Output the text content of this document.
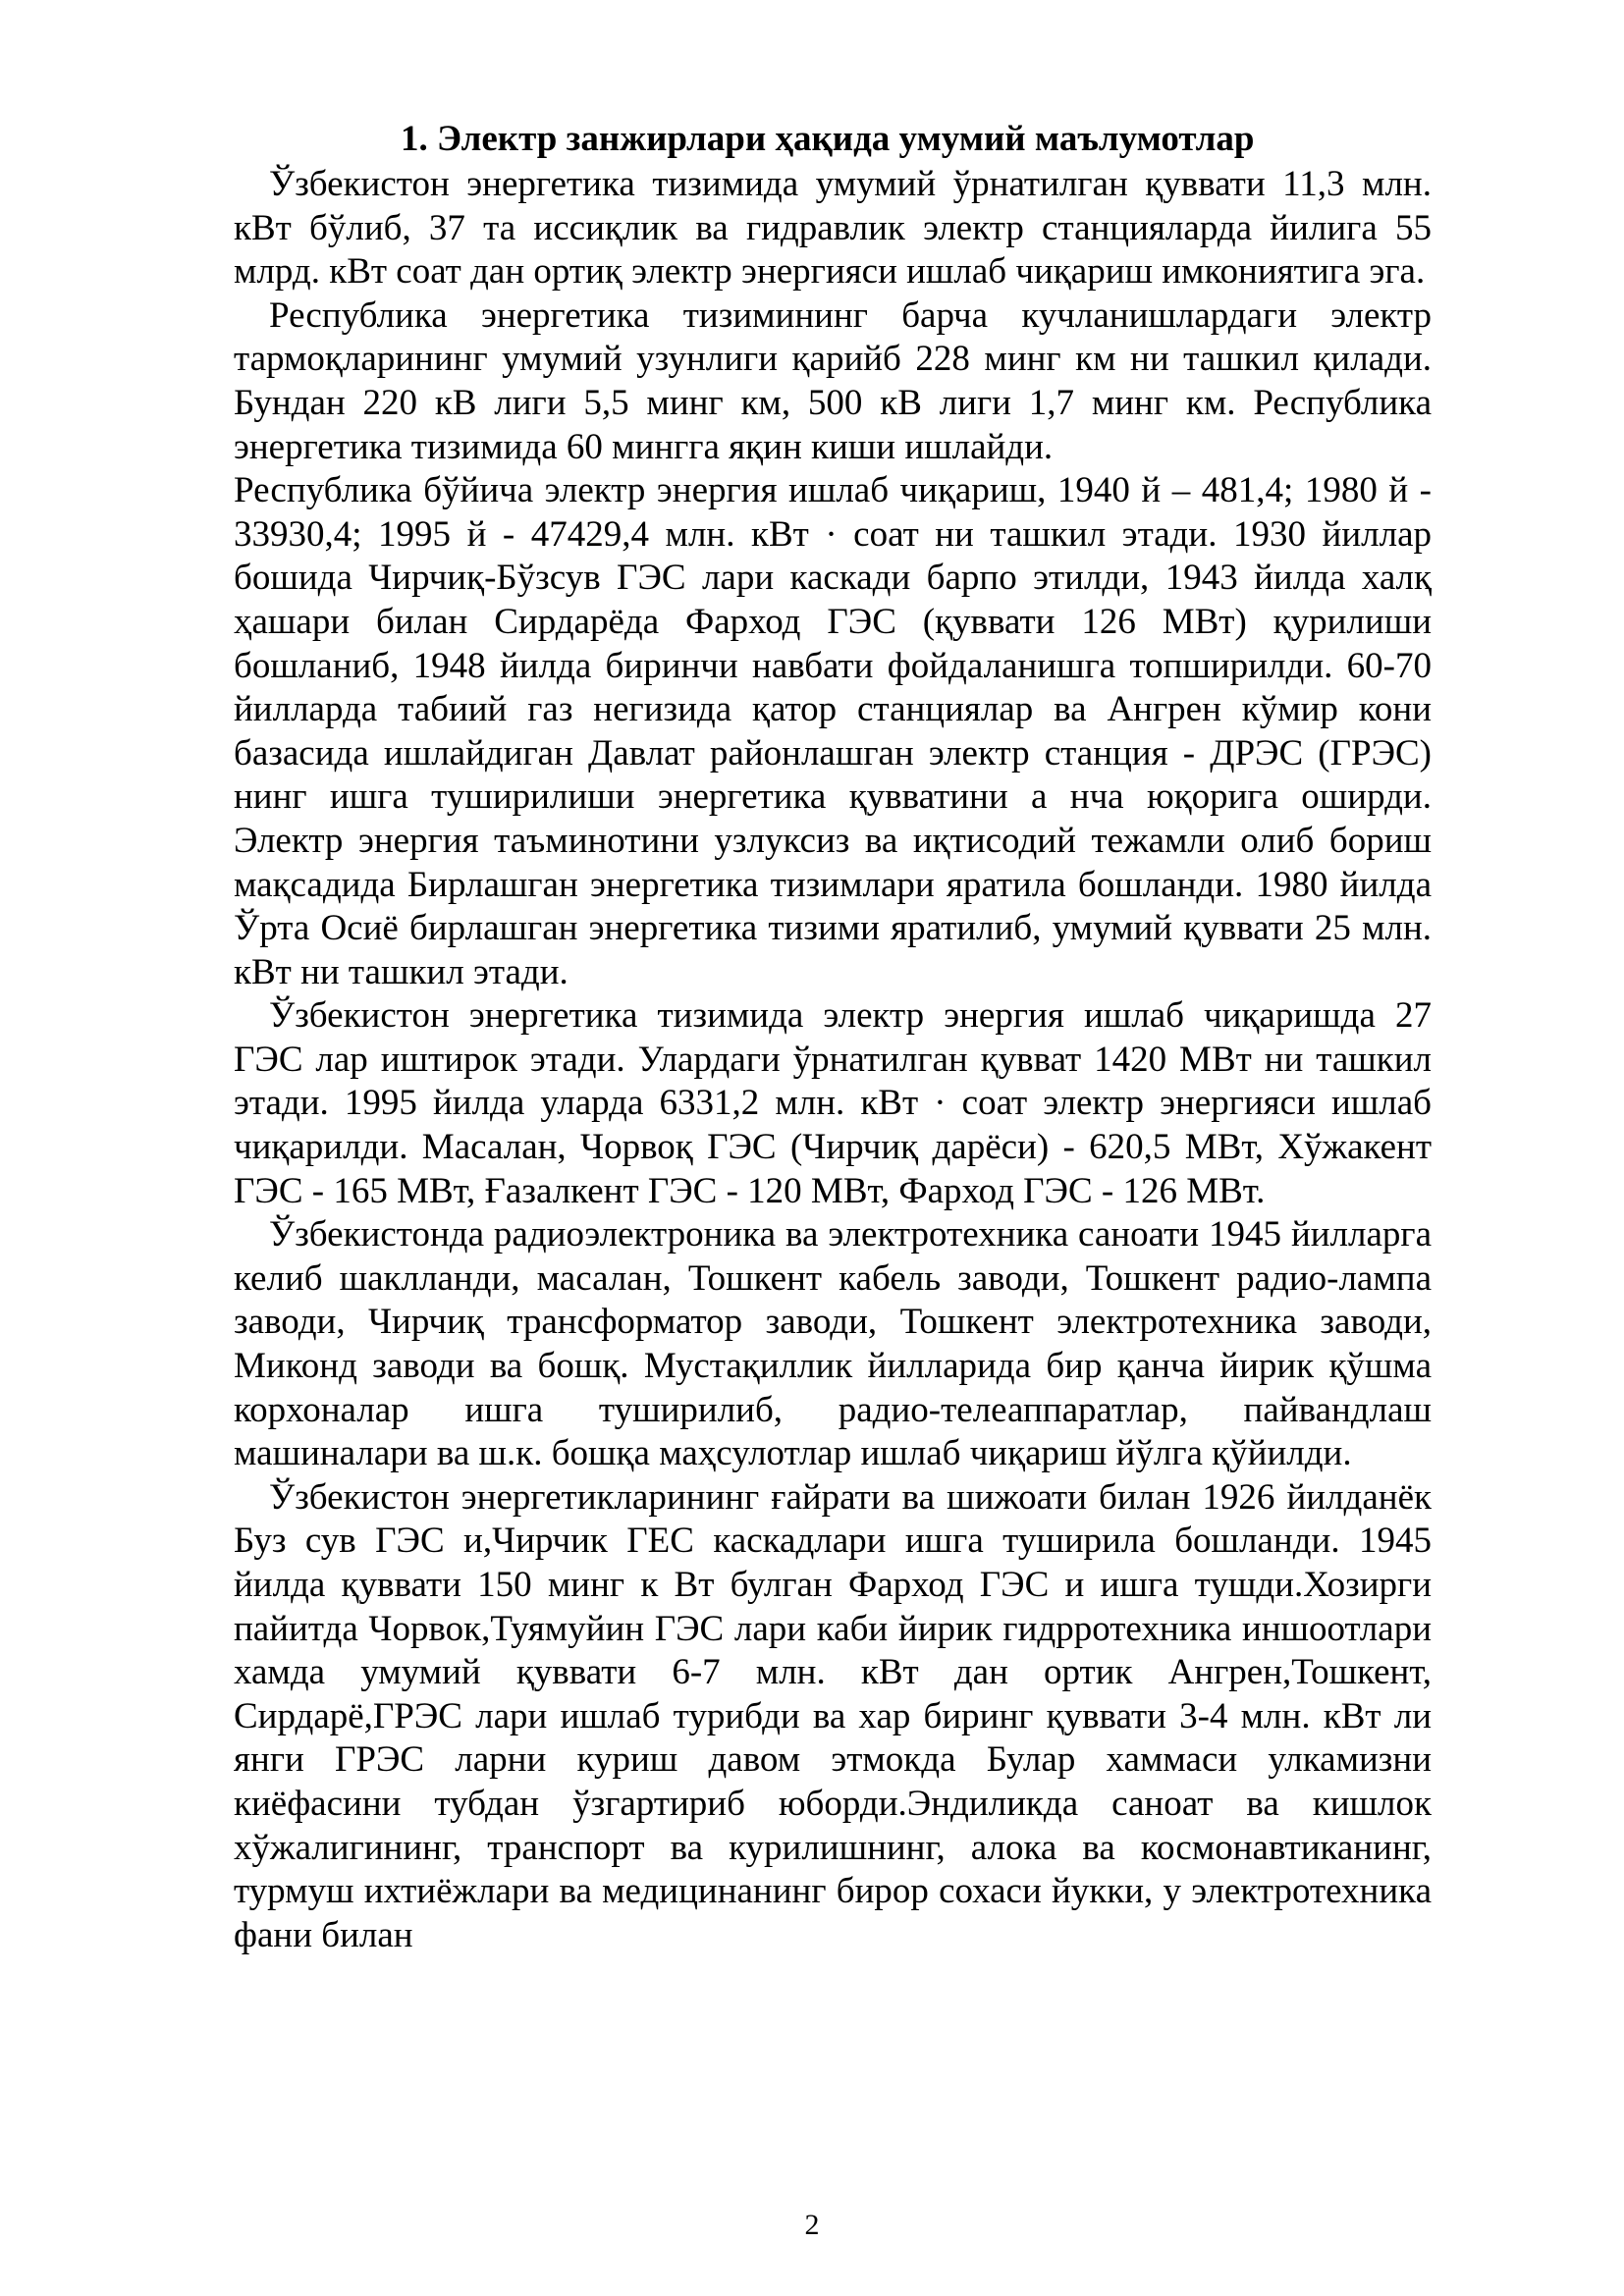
1. Электр занжирлари ҳақида умумий маълумотлар

Ўзбекистон энергетика тизимида умумий ўрнатилган қуввати 11,3 млн. кВт бўлиб, 37 та иссиқлик ва гидравлик электр станцияларда йилига 55 млрд. кВт соат дан ортиқ электр энергияси ишлаб чиқариш имкониятига эга.

Республика энергетика тизимининг барча кучланишлардаги электр тармоқларининг умумий узунлиги қарийб 228 минг км ни ташкил қилади. Бундан 220 кВ лиги 5,5 минг км, 500 кВ лиги 1,7 минг км. Республика энергетика тизимида 60 мингга яқин киши ишлайди.

Республика бўйича электр энергия ишлаб чиқариш, 1940 й – 481,4; 1980 й - 33930,4; 1995 й - 47429,4 млн. кВт · соат ни ташкил этади. 1930 йиллар бошида Чирчиқ-Бўзсув ГЭС лари каскади барпо этилди, 1943 йилда халқ ҳашари билан Сирдарёда Фарход ГЭС (қуввати 126 МВт) қурилиши бошланиб, 1948 йилда биринчи навбати фойдаланишга топширилди. 60-70 йилларда табиий газ негизида қатор станциялар ва Ангрен кўмир кони базасида ишлайдиган Давлат районлашган электр станция - ДРЭС (ГРЭС) нинг ишга туширилиши энергетика қувватини а нча юқорига оширди. Электр энергия таъминотини узлуксиз ва иқтисодий тежамли олиб бориш мақсадида Бирлашган энергетика тизимлари яратила бошланди. 1980 йилда Ўрта Осиё бирлашган энергетика тизими яратилиб, умумий қуввати 25 млн. кВт ни ташкил этади.

Ўзбекистон энергетика тизимида электр энергия ишлаб чиқаришда 27 ГЭС лар иштирок этади. Улардаги ўрнатилган қувват 1420 МВт ни ташкил этади. 1995 йилда уларда 6331,2 млн. кВт · соат электр энергияси ишлаб чиқарилди. Масалан, Чорвоқ ГЭС (Чирчиқ дарёси) - 620,5 МВт, Хўжакент ГЭС - 165 МВт, Ғазалкент ГЭС - 120 МВт, Фарход ГЭС - 126 МВт.

Ўзбекистонда радиоэлектроника ва электротехника саноати 1945 йилларга келиб шаклланди, масалан, Тошкент кабель заводи, Тошкент радио-лампа заводи, Чирчиқ трансформатор заводи, Тошкент электротехника заводи, Миконд заводи ва бошқ. Мустақиллик йилларида бир қанча йирик қўшма корхоналар ишга туширилиб, радио-телеаппаратлар, пайвандлаш машиналари ва ш.к. бошқа маҳсулотлар ишлаб чиқариш йўлга қўйилди.

Ўзбекистон энергетикларининг ғайрати ва шижоати билан 1926 йилданёк Буз сув ГЭС и,Чирчик ГЕС каскадлари ишга туширила бошланди. 1945 йилда қуввати 150 минг к Вт булган Фарход ГЭС и ишга тушди.Хозирги пайитда Чорвок,Туямуйин ГЭС лари каби йирик гидрротехника иншоотлари хамда умумий қуввати 6-7 млн. кВт дан ортик Ангрен,Тошкент, Сирдарё,ГРЭС лари ишлаб турибди ва хар биринг қуввати 3-4 млн. кВт ли янги ГРЭС ларни куриш давом этмокда Булар хаммаси улкамизни киёфасини тубдан ўзгартириб юборди.Эндиликда саноат ва кишлок хўжалигининг, транспорт ва курилишнинг, алока ва космонавтиканинг, турмуш ихтиёжлари ва медицинанинг бирор сохаси йукки, у электротехника фани билан

2
